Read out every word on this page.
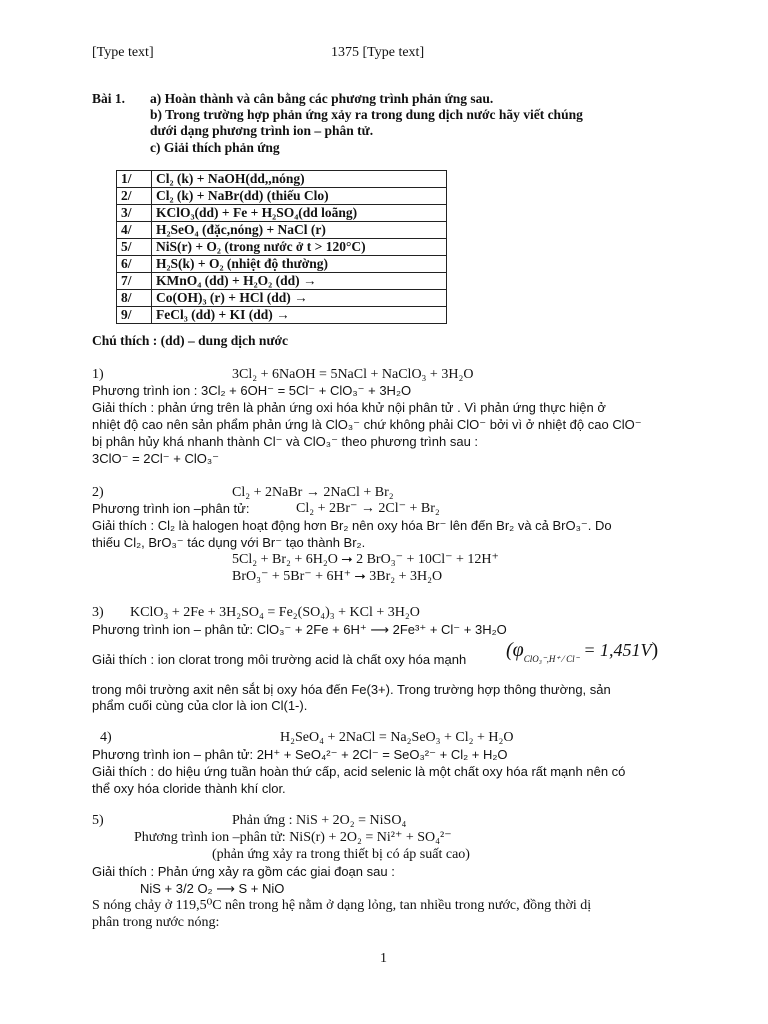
[Type text]	1375 [Type text]
Bài 1. a) Hoàn thành và cân bằng các phương trình phản ứng sau.
b) Trong trường hợp phản ứng xảy ra trong dung dịch nước hãy viết chúng
dưới dạng phương trình ion – phân tử.
c) Giải thích phản ứng
1/	Cl₂ (k) + NaOH(dd,,nóng)
2/	Cl₂ (k) + NaBr(dd) (thiếu Clo)
3/	KClO₃(dd) + Fe + H₂SO₄(dd loãng)
4/	H₂SeO₄ (đặc,nóng) + NaCl (r)
5/	NiS(r) + O₂ (trong nước ở t > 120°C)
6/	H₂S(k) + O₂ (nhiệt độ thường)
7/	KMnO₄ (dd) + H₂O₂ (dd) →
8/	Co(OH)₃ (r) + HCl (dd) →
9/	FeCl₃ (dd) + KI (dd) →
Chú thích : (dd) – dung dịch nước
1)	3Cl₂ + 6NaOH = 5NaCl + NaClO₃ + 3H₂O
Phương trình ion : 3Cl₂ + 6OH⁻ = 5Cl⁻ + ClO₃⁻ + 3H₂O
Giải thích : phản ứng trên là phản ứng oxi hóa khử nội phân tử . Vì phản ứng thực hiện ở
nhiệt độ cao nên sản phẩm phản ứng là ClO₃⁻ chứ không phải ClO⁻ bởi vì ở nhiệt độ cao ClO⁻
bị phân hủy khá nhanh thành Cl⁻ và ClO₃⁻ theo phương trình sau :
3ClO⁻ = 2Cl⁻ + ClO₃⁻
2)	Cl₂ + 2NaBr → 2NaCl + Br₂
Phương trình ion –phân tử:	Cl₂ + 2Br⁻ → 2Cl⁻ + Br₂
Giải thích : Cl₂ là halogen hoạt động hơn Br₂ nên oxy hóa Br⁻ lên đến Br₂ và cả BrO₃⁻. Do
thiếu Cl₂, BrO₃⁻ tác dụng với Br⁻ tạo thành Br₂.
5Cl₂ + Br₂ + 6H₂O ⭢ 2 BrO₃⁻ + 10Cl⁻ + 12H⁺
BrO₃⁻ + 5Br⁻ + 6H⁺ ⭢ 3Br₂ + 3H₂O
3) KClO₃ + 2Fe + 3H₂SO₄ = Fe₂(SO₄)₃ + KCl + 3H₂O
Phương trình ion – phân tử: ClO₃⁻ + 2Fe + 6H⁺ ⟶ 2Fe³⁺ + Cl⁻ + 3H₂O
Giải thích : ion clorat trong môi trường acid là chất oxy hóa mạnh $(\varphi_{ClO_3^-,H^+ ⁄ Cl^-} = 1,451V)$
trong môi trường axit nên sắt bị oxy hóa đến Fe(3+). Trong trường hợp thông thường, sản
phẩm cuối cùng của clor là ion Cl(1-).
4)	H₂SeO₄ + 2NaCl = Na₂SeO₃ + Cl₂ + H₂O
Phương trình ion – phân tử: 2H⁺ + SeO₄²⁻ + 2Cl⁻ = SeO₃²⁻ + Cl₂ + H₂O
Giải thích : do hiệu ứng tuần hoàn thứ cấp, acid selenic là một chất oxy hóa rất mạnh nên có
thể oxy hóa cloride thành khí clor.
5)	Phản ứng : NiS + 2O₂ = NiSO₄
Phương trình ion –phân tử: NiS(r) + 2O₂ = Ni²⁺ + SO₄²⁻
(phản ứng xảy ra trong thiết bị có áp suất cao)
Giải thích : Phản ứng xảy ra gồm các giai đoạn sau :
NiS + 3/2 O₂ ⟶ S + NiO
S nóng chảy ở 119,5⁰C nên trong hệ nằm ở dạng lỏng, tan nhiều trong nước, đồng thời dị
phân trong nước nóng:
1
